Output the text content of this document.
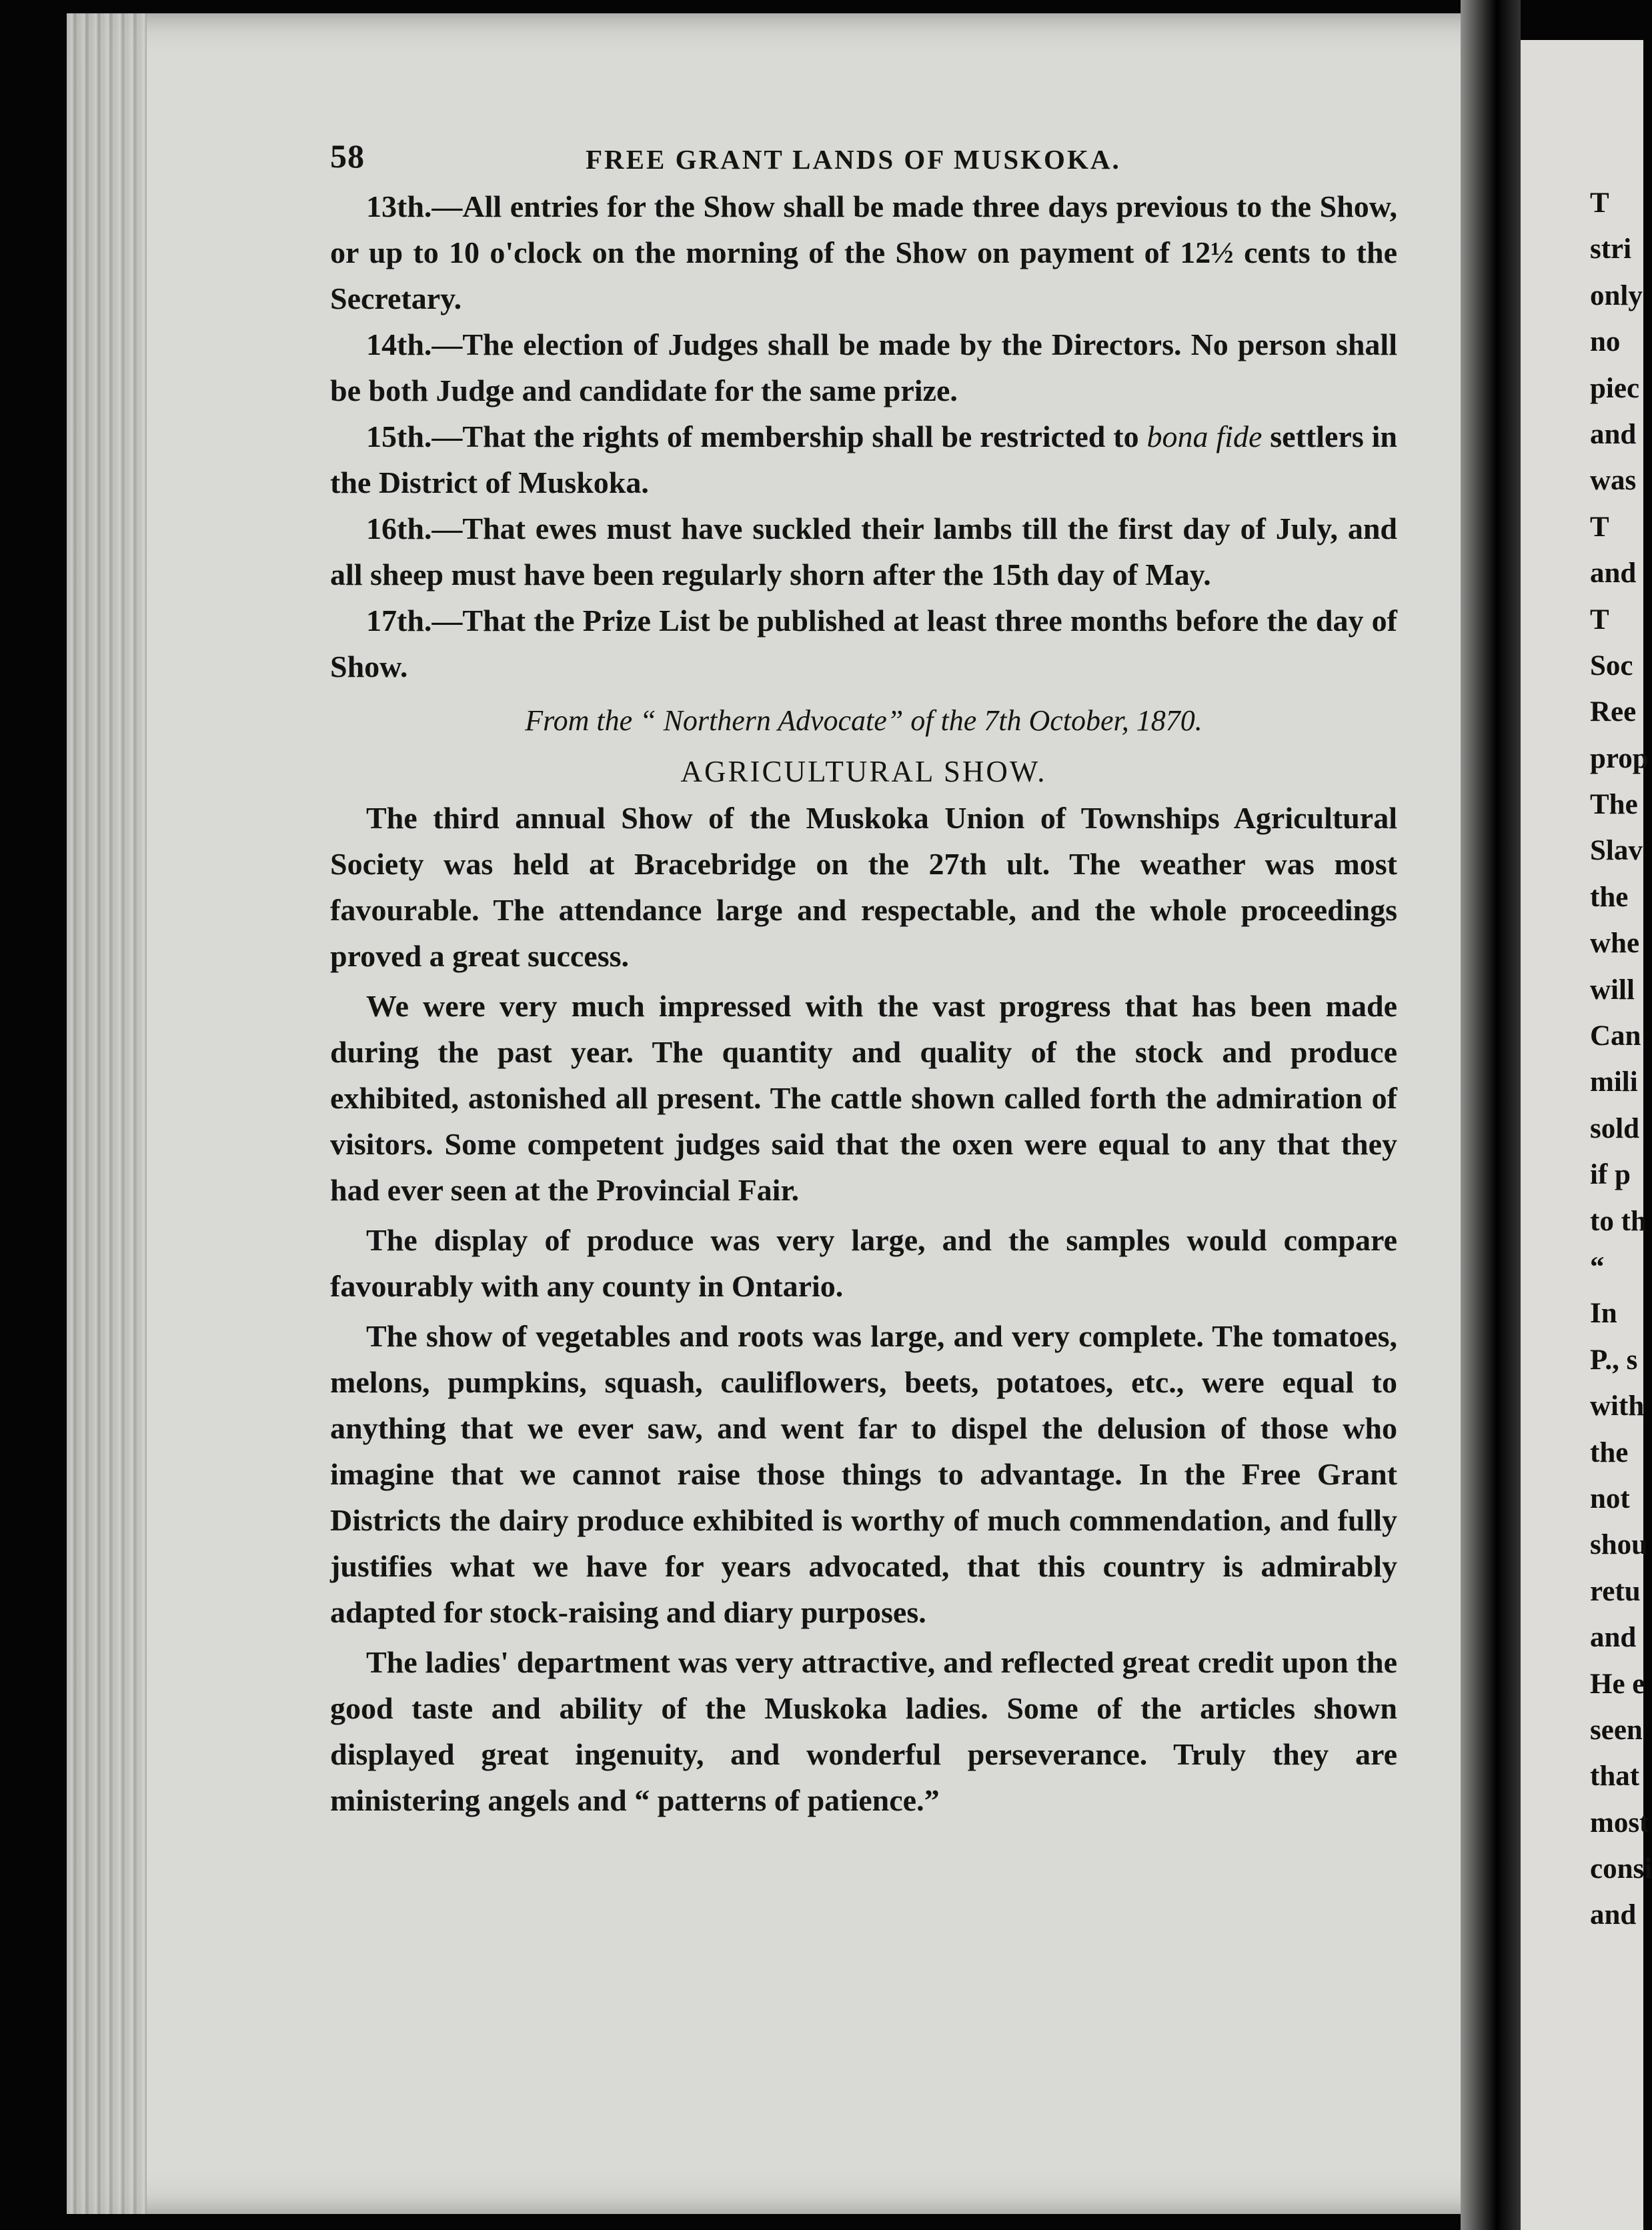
58	FREE GRANT LANDS OF MUSKOKA.

13th.—All entries for the Show shall be made three days previous to the Show, or up to 10 o'clock on the morning of the Show on payment of 12½ cents to the Secretary.

14th.—The election of Judges shall be made by the Directors. No person shall be both Judge and candidate for the same prize.

15th.—That the rights of membership shall be restricted to bona fide settlers in the District of Muskoka.

16th.—That ewes must have suckled their lambs till the first day of July, and all sheep must have been regularly shorn after the 15th day of May.

17th.—That the Prize List be published at least three months before the day of Show.

From the “ Northern Advocate” of the 7th October, 1870.

AGRICULTURAL SHOW.

The third annual Show of the Muskoka Union of Townships Agricultural Society was held at Bracebridge on the 27th ult. The weather was most favourable. The attendance large and respectable, and the whole proceedings proved a great success.

We were very much impressed with the vast progress that has been made during the past year. The quantity and quality of the stock and produce exhibited, astonished all present. The cattle shown called forth the admiration of visitors. Some competent judges said that the oxen were equal to any that they had ever seen at the Provincial Fair.

The display of produce was very large, and the samples would compare favourably with any county in Ontario.

The show of vegetables and roots was large, and very complete. The tomatoes, melons, pumpkins, squash, cauliflowers, beets, potatoes, etc., were equal to anything that we ever saw, and went far to dispel the delusion of those who imagine that we cannot raise those things to advantage. In the Free Grant Districts the dairy produce exhibited is worthy of much commendation, and fully justifies what we have for years advocated, that this country is admirably adapted for stock-raising and diary purposes.

The ladies' department was very attractive, and reflected great credit upon the good taste and ability of the Muskoka ladies. Some of the articles shown displayed great ingenuity, and wonderful perseverance. Truly they are ministering angels and “ patterns of patience.”

T
stri
only
no
piec
and
was
T
and
T
Soc
Ree
prop
The
Slav
the
whe
will
Can
mili
sold
if p
to th
“
In
P., s
with
the
not
shou
retu
and
He e
seen
that
most
consi
and
